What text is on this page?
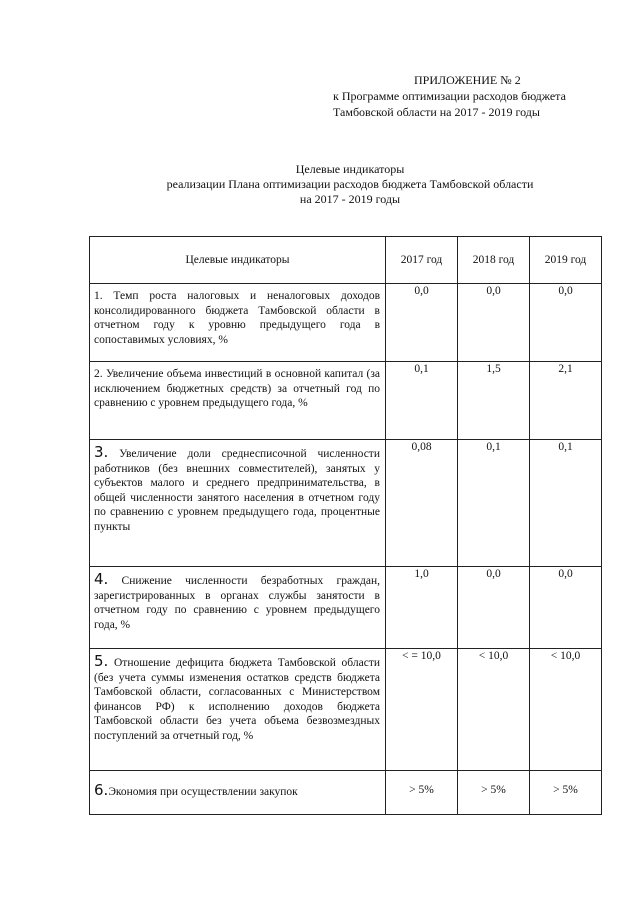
ПРИЛОЖЕНИЕ № 2
к Программе оптимизации расходов бюджета
Тамбовской области на 2017 - 2019 годы
Целевые индикаторы
реализации Плана оптимизации расходов бюджета Тамбовской области
на 2017 - 2019 годы
Целевые индикаторы	2017 год	2018 год	2019 год

1. Темп роста налоговых и неналоговых доходов консолидированного бюджета Тамбовской области в отчетном году к уровню предыдущего года в сопоставимых условиях, %	0,0	0,0	0,0

2. Увеличение объема инвестиций в основной капитал (за исключением бюджетных средств) за отчетный год по сравнению с уровнем предыдущего года, %	0,1	1,5	2,1

3. Увеличение доли среднесписочной численности работников (без внешних совместителей), занятых у субъектов малого и среднего предпринимательства, в общей численности занятого населения в отчетном году по сравнению с уровнем предыдущего года, процентные пункты	0,08	0,1	0,1

4. Снижение численности безработных граждан, зарегистрированных в органах службы занятости в отчетном году по сравнению с уровнем предыдущего года, %	1,0	0,0	0,0

5. Отношение дефицита бюджета Тамбовской области (без учета суммы изменения остатков средств бюджета Тамбовской области, согласованных с Министерством финансов РФ) к исполнению доходов бюджета Тамбовской области без учета объема безвозмездных поступлений за отчетный год, %	< = 10,0	< 10,0	< 10,0

6.Экономия при осуществлении закупок	> 5%	> 5%	> 5%
